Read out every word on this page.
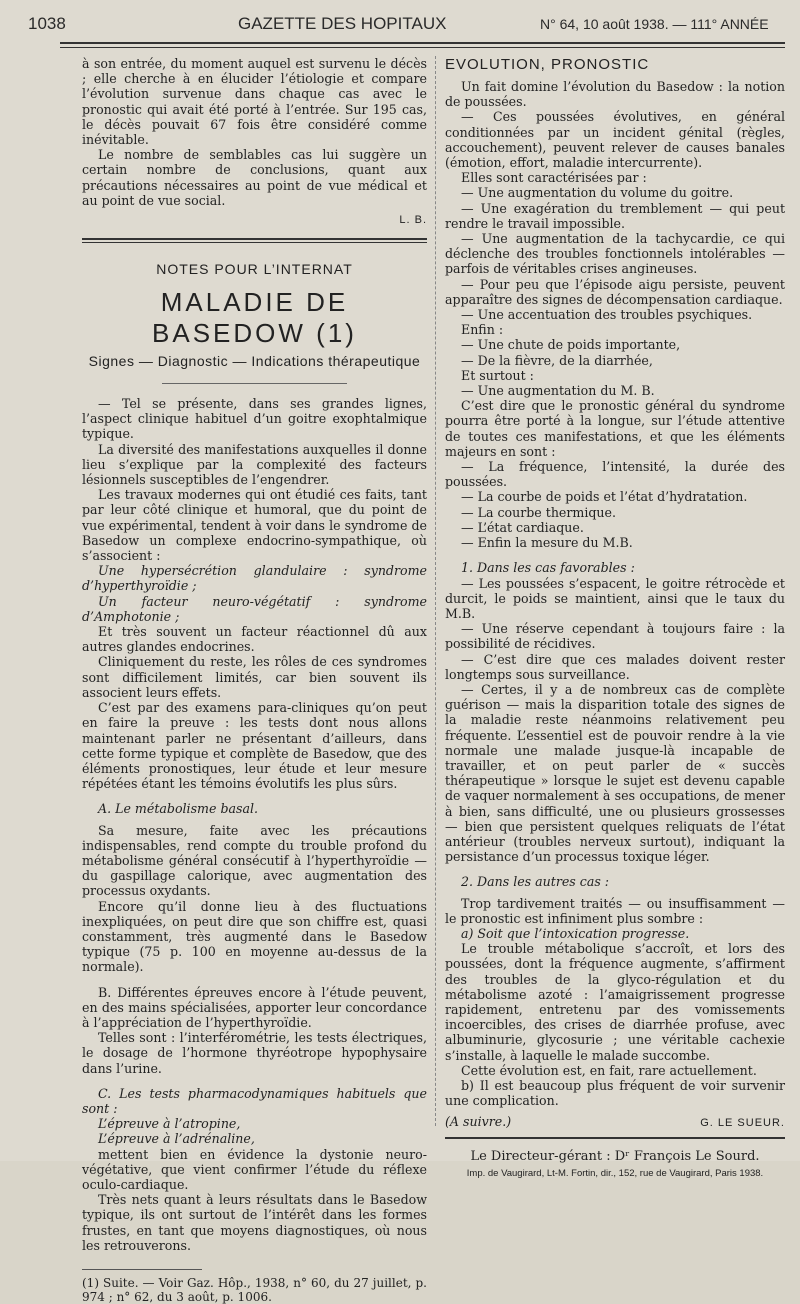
1038	GAZETTE DES HOPITAUX	N° 64, 10 août 1938. — 111° ANNÉE

à son entrée, du moment auquel est survenu le décès ; elle cherche à en élucider l’étiologie et compare l’évolution survenue dans chaque cas avec le pronostic qui avait été porté à l’entrée. Sur 195 cas, le décès pouvait 67 fois être considéré comme inévitable.

Le nombre de semblables cas lui suggère un certain nombre de conclusions, quant aux précautions nécessaires au point de vue médical et au point de vue social.

L. B.
NOTES POUR L’INTERNAT
MALADIE DE BASEDOW (1)
Signes — Diagnostic — Indications thérapeutique

— Tel se présente, dans ses grandes lignes, l’aspect clinique habituel d’un goitre exophtalmique typique.

La diversité des manifestations auxquelles il donne lieu s’explique par la complexité des facteurs lésionnels susceptibles de l’engendrer.

Les travaux modernes qui ont étudié ces faits, tant par leur côté clinique et humoral, que du point de vue expérimental, tendent à voir dans le syndrome de Basedow un complexe endocrino-sympathique, où s’associent :

Une hypersécrétion glandulaire : syndrome d’hyperthyroïdie ;

Un facteur neuro-végétatif : syndrome d’Amphotonie ;

Et très souvent un facteur réactionnel dû aux autres glandes endocrines.

Cliniquement du reste, les rôles de ces syndromes sont difficilement limités, car bien souvent ils associent leurs effets.

C’est par des examens para-cliniques qu’on peut en faire la preuve : les tests dont nous allons maintenant parler ne présentant d’ailleurs, dans cette forme typique et complète de Basedow, que des éléments pronostiques, leur étude et leur mesure répétées étant les témoins évolutifs les plus sûrs.

A. Le métabolisme basal.

Sa mesure, faite avec les précautions indispensables, rend compte du trouble profond du métabolisme général consécutif à l’hyperthyroïdie — du gaspillage calorique, avec augmentation des processus oxydants.

Encore qu’il donne lieu à des fluctuations inexpliquées, on peut dire que son chiffre est, quasi constamment, très augmenté dans le Basedow typique (75 p. 100 en moyenne au-dessus de la normale).

B. Différentes épreuves encore à l’étude peuvent, en des mains spécialisées, apporter leur concordance à l’appréciation de l’hyperthyroïdie.

Telles sont : l’interférométrie, les tests électriques, le dosage de l’hormone thyréotrope hypophysaire dans l’urine.

C. Les tests pharmacodynamiques habituels que sont :

L’épreuve à l’atropine,

L’épreuve à l’adrénaline,

mettent bien en évidence la dystonie neuro-végétative, que vient confirmer l’étude du réflexe oculo-cardiaque.

Très nets quant à leurs résultats dans le Basedow typique, ils ont surtout de l’intérêt dans les formes frustes, en tant que moyens diagnostiques, où nous les retrouverons.

(1) Suite. — Voir Gaz. Hôp., 1938, n° 60, du 27 juillet, p. 974 ; n° 62, du 3 août, p. 1006.

EVOLUTION, PRONOSTIC

Un fait domine l’évolution du Basedow : la notion de poussées.

— Ces poussées évolutives, en général conditionnées par un incident génital (règles, accouchement), peuvent relever de causes banales (émotion, effort, maladie intercurrente).

Elles sont caractérisées par :

— Une augmentation du volume du goitre.

— Une exagération du tremblement — qui peut rendre le travail impossible.

— Une augmentation de la tachycardie, ce qui déclenche des troubles fonctionnels intolérables — parfois de véritables crises angineuses.

— Pour peu que l’épisode aigu persiste, peuvent apparaître des signes de décompensation cardiaque.

— Une accentuation des troubles psychiques.

Enfin :

— Une chute de poids importante,

— De la fièvre, de la diarrhée,

Et surtout :

— Une augmentation du M. B.

C’est dire que le pronostic général du syndrome pourra être porté à la longue, sur l’étude attentive de toutes ces manifestations, et que les éléments majeurs en sont :

— La fréquence, l’intensité, la durée des poussées.

— La courbe de poids et l’état d’hydratation.

— La courbe thermique.

— L’état cardiaque.

— Enfin la mesure du M.B.

1. Dans les cas favorables :

— Les poussées s’espacent, le goitre rétrocède et durcit, le poids se maintient, ainsi que le taux du M.B.

— Une réserve cependant à toujours faire : la possibilité de récidives.

— C’est dire que ces malades doivent rester longtemps sous surveillance.

— Certes, il y a de nombreux cas de complète guérison — mais la disparition totale des signes de la maladie reste néanmoins relativement peu fréquente. L’essentiel est de pouvoir rendre à la vie normale une malade jusque-là incapable de travailler, et on peut parler de « succès thérapeutique » lorsque le sujet est devenu capable de vaquer normalement à ses occupations, de mener à bien, sans difficulté, une ou plusieurs grossesses — bien que persistent quelques reliquats de l’état antérieur (troubles nerveux surtout), indiquant la persistance d’un processus toxique léger.

2. Dans les autres cas :

Trop tardivement traités — ou insuffisamment — le pronostic est infiniment plus sombre :

a) Soit que l’intoxication progresse.

Le trouble métabolique s’accroît, et lors des poussées, dont la fréquence augmente, s’affirment des troubles de la glyco-régulation et du métabolisme azoté : l’amaigrissement progresse rapidement, entretenu par des vomissements incoercibles, des crises de diarrhée profuse, avec albuminurie, glycosurie ; une véritable cachexie s’installe, à laquelle le malade succombe.

Cette évolution est, en fait, rare actuellement.

b) Il est beaucoup plus fréquent de voir survenir une complication.

(A suivre.)	G. LE SUEUR.
Le Directeur-gérant : Dʳ François Le Sourd.
Imp. de Vaugirard, Lt-M. Fortin, dir., 152, rue de Vaugirard, Paris 1938.
